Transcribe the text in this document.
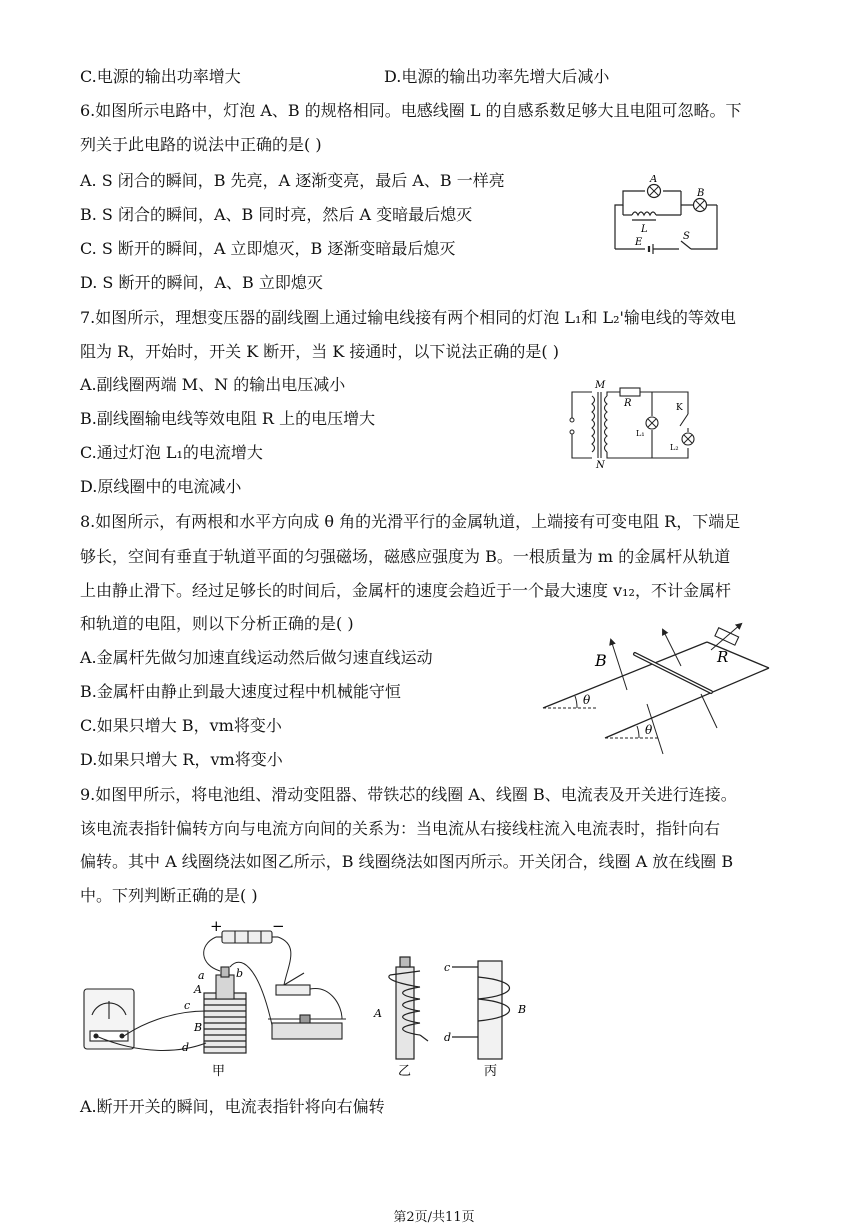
C.电源的输出功率增大	D.电源的输出功率先增大后减小
6.如图所示电路中，灯泡 A、B 的规格相同。电感线圈 L 的自感系数足够大且电阻可忽略。下
列关于此电路的说法中正确的是( )
A. S 闭合的瞬间，B 先亮，A 逐渐变亮，最后 A、B 一样亮
B. S 闭合的瞬间，A、B 同时亮，然后 A 变暗最后熄灭
C. S 断开的瞬间，A 立即熄灭，B 逐渐变暗最后熄灭
D. S 断开的瞬间，A、B 立即熄灭
A
B
L
E
S
7.如图所示，理想变压器的副线圈上通过输电线接有两个相同的灯泡 L₁和 L₂'输电线的等效电
阻为 R，开始时，开关 K 断开，当 K 接通时，以下说法正确的是( )
A.副线圈两端 M、N 的输出电压减小
B.副线圈输电线等效电阻 R 上的电压增大
C.通过灯泡 L₁的电流增大
D.原线圈中的电流减小
M
N
R	K
L₁
L₂
8.如图所示，有两根和水平方向成 θ 角的光滑平行的金属轨道，上端接有可变电阻 R，下端足
够长，空间有垂直于轨道平面的匀强磁场，磁感应强度为 B。一根质量为 m 的金属杆从轨道
上由静止滑下。经过足够长的时间后，金属杆的速度会趋近于一个最大速度 v₁₂，不计金属杆
和轨道的电阻，则以下分析正确的是( )
A.金属杆先做匀加速直线运动然后做匀速直线运动
B.金属杆由静止到最大速度过程中机械能守恒
C.如果只增大 B，vm将变小
D.如果只增大 R，vm将变小
B	R
θ
θ
9.如图甲所示，将电池组、滑动变阻器、带铁芯的线圈 A、线圈 B、电流表及开关进行连接。
该电流表指针偏转方向与电流方向间的关系为：当电流从右接线柱流入电流表时，指针向右
偏转。其中 A 线圈绕法如图乙所示，B 线圈绕法如图丙所示。开关闭合，线圈 A 放在线圈 B
中。下列判断正确的是( )
+	−
a	b
c
d
A
B
甲
A
乙
c
d
B
丙
A.断开开关的瞬间，电流表指针将向右偏转
第2页/共11页
